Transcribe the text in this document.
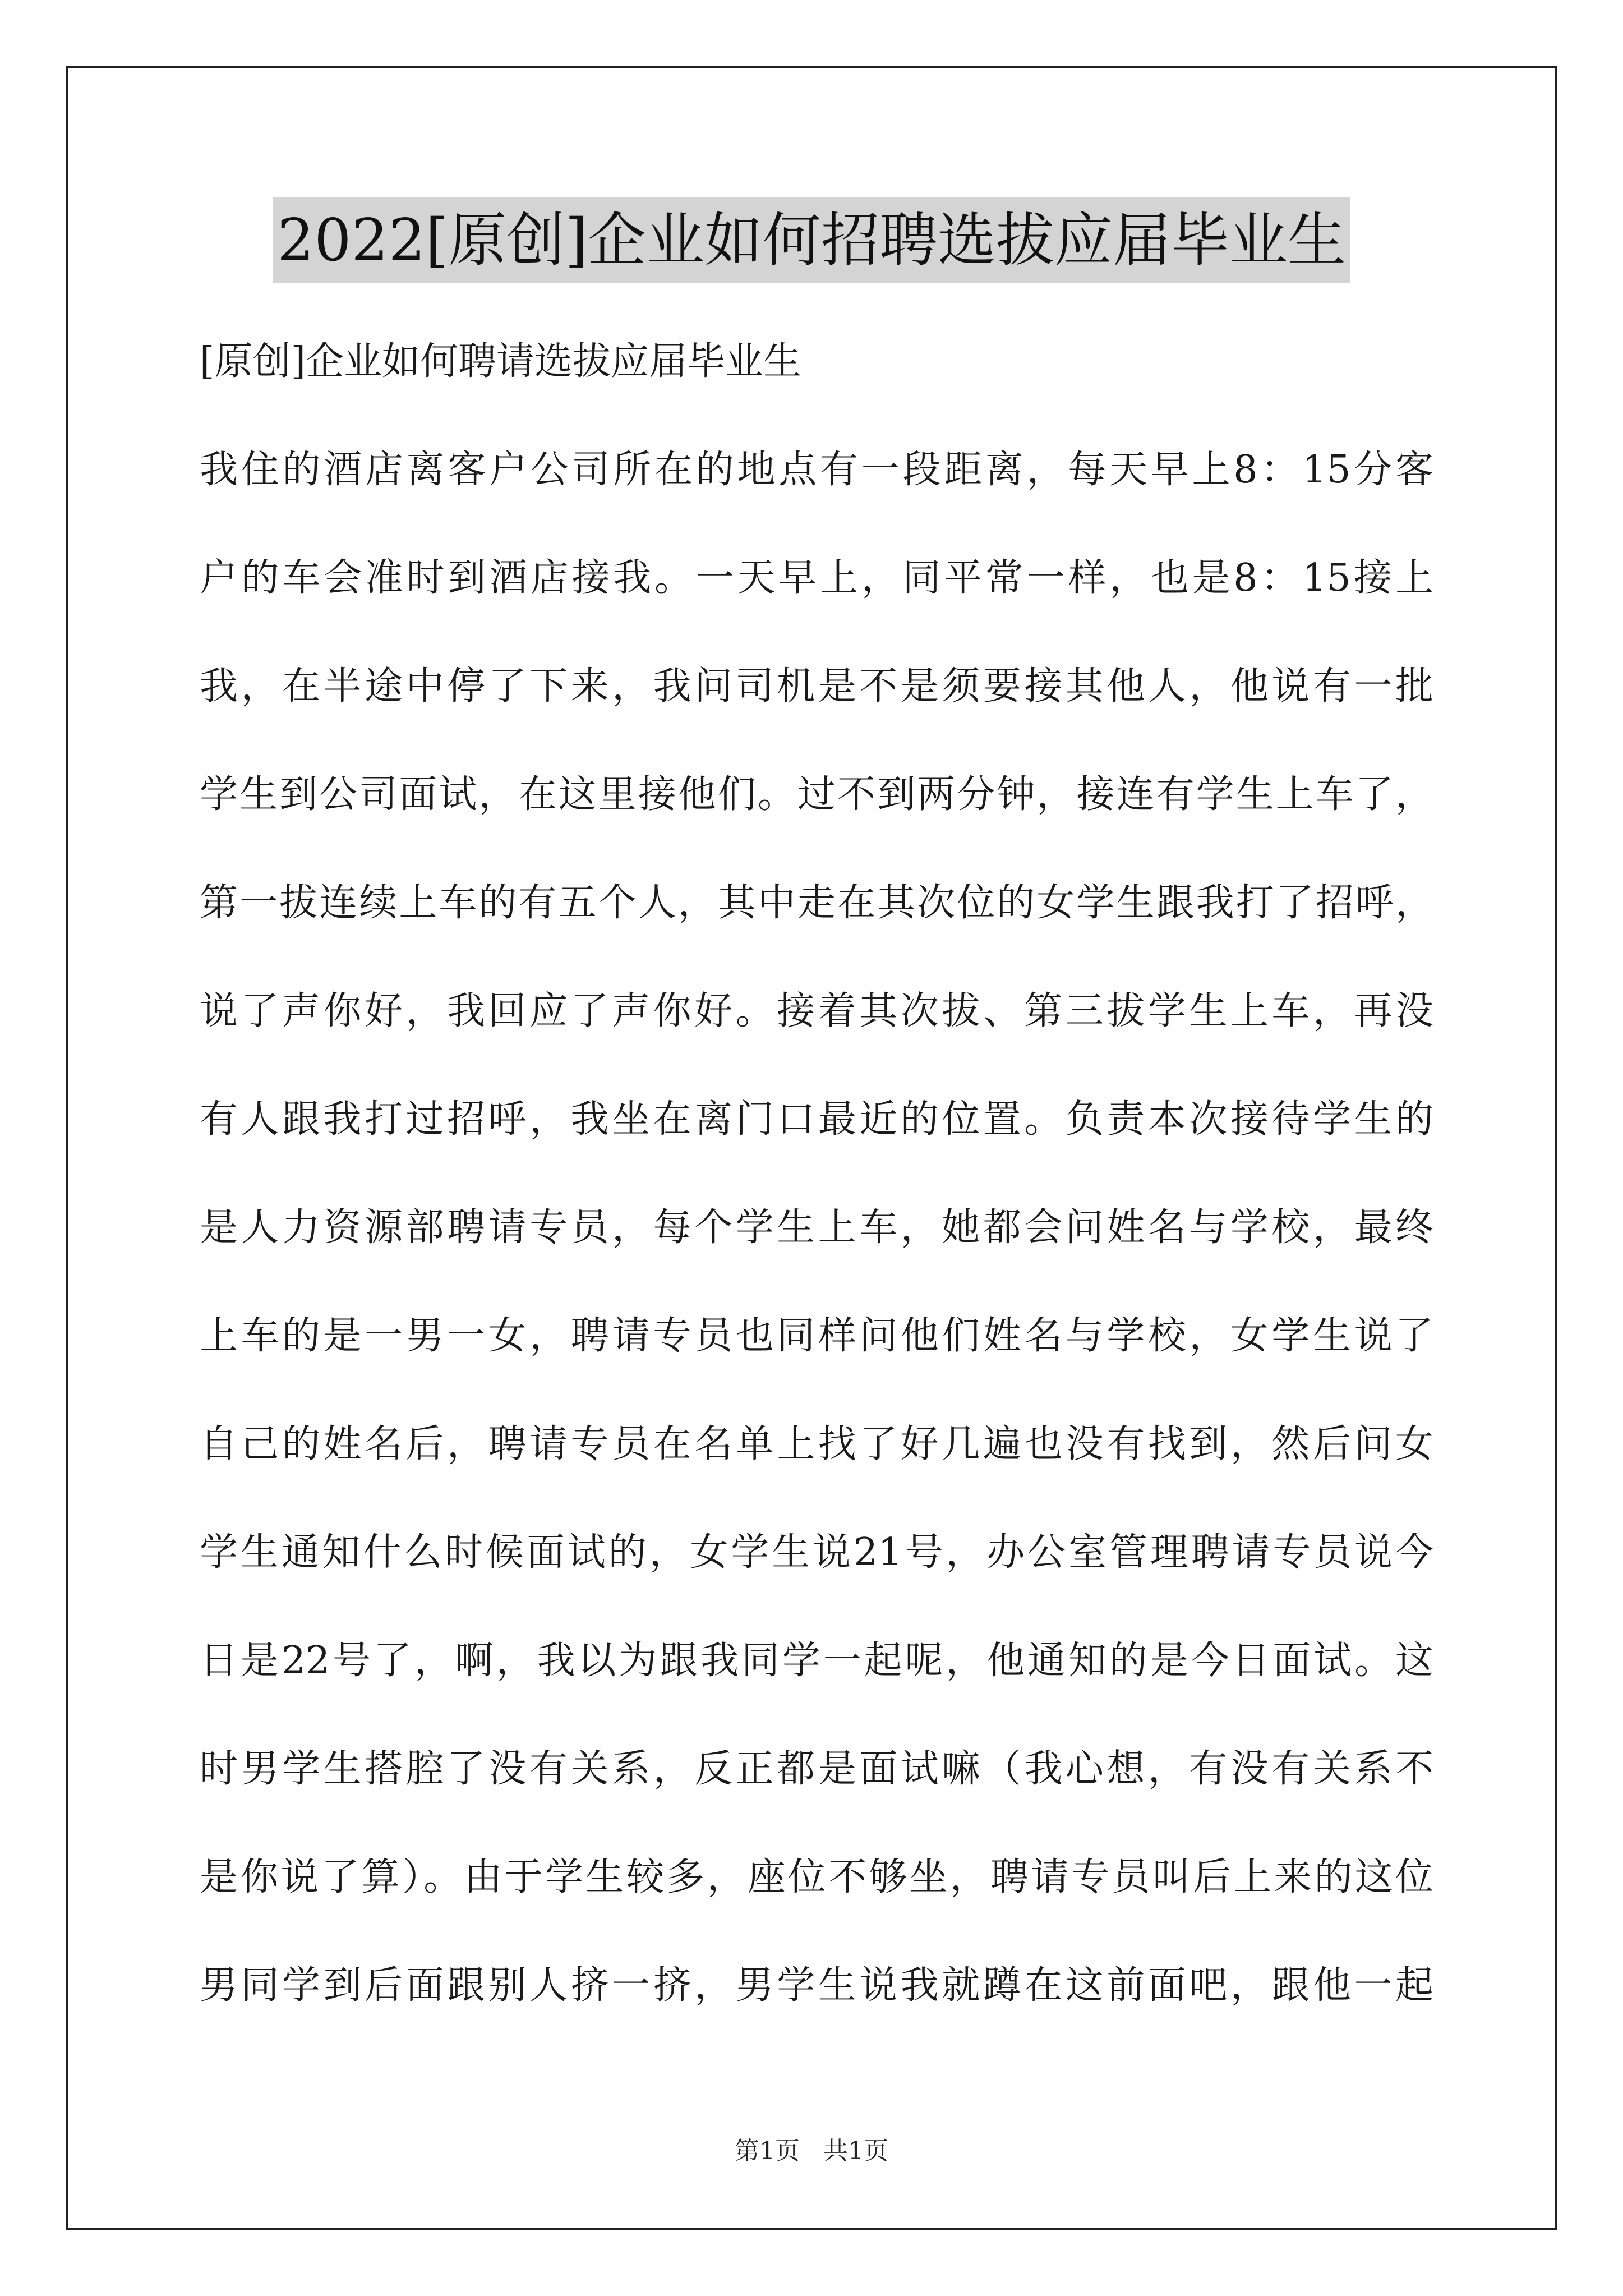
2022[原创]企业如何招聘选拔应届毕业生
[原创]企业如何聘请选拔应届毕业生
我住的酒店离客户公司所在的地点有一段距离，每天早上8：15分客
户的车会准时到酒店接我。一天早上，同平常一样，也是8：15接上
我，在半途中停了下来，我问司机是不是须要接其他人，他说有一批
学生到公司面试，在这里接他们。过不到两分钟，接连有学生上车了，
第一拔连续上车的有五个人，其中走在其次位的女学生跟我打了招呼，
说了声你好，我回应了声你好。接着其次拔、第三拔学生上车，再没
有人跟我打过招呼，我坐在离门口最近的位置。负责本次接待学生的
是人力资源部聘请专员，每个学生上车，她都会问姓名与学校，最终
上车的是一男一女，聘请专员也同样问他们姓名与学校，女学生说了
自己的姓名后，聘请专员在名单上找了好几遍也没有找到，然后问女
学生通知什么时候面试的，女学生说21号，办公室管理聘请专员说今
日是22号了，啊，我以为跟我同学一起呢，他通知的是今日面试。这
时男学生搭腔了没有关系，反正都是面试嘛（我心想，有没有关系不
是你说了算）。由于学生较多，座位不够坐，聘请专员叫后上来的这位
男同学到后面跟别人挤一挤，男学生说我就蹲在这前面吧，跟他一起
第1页   共1页
